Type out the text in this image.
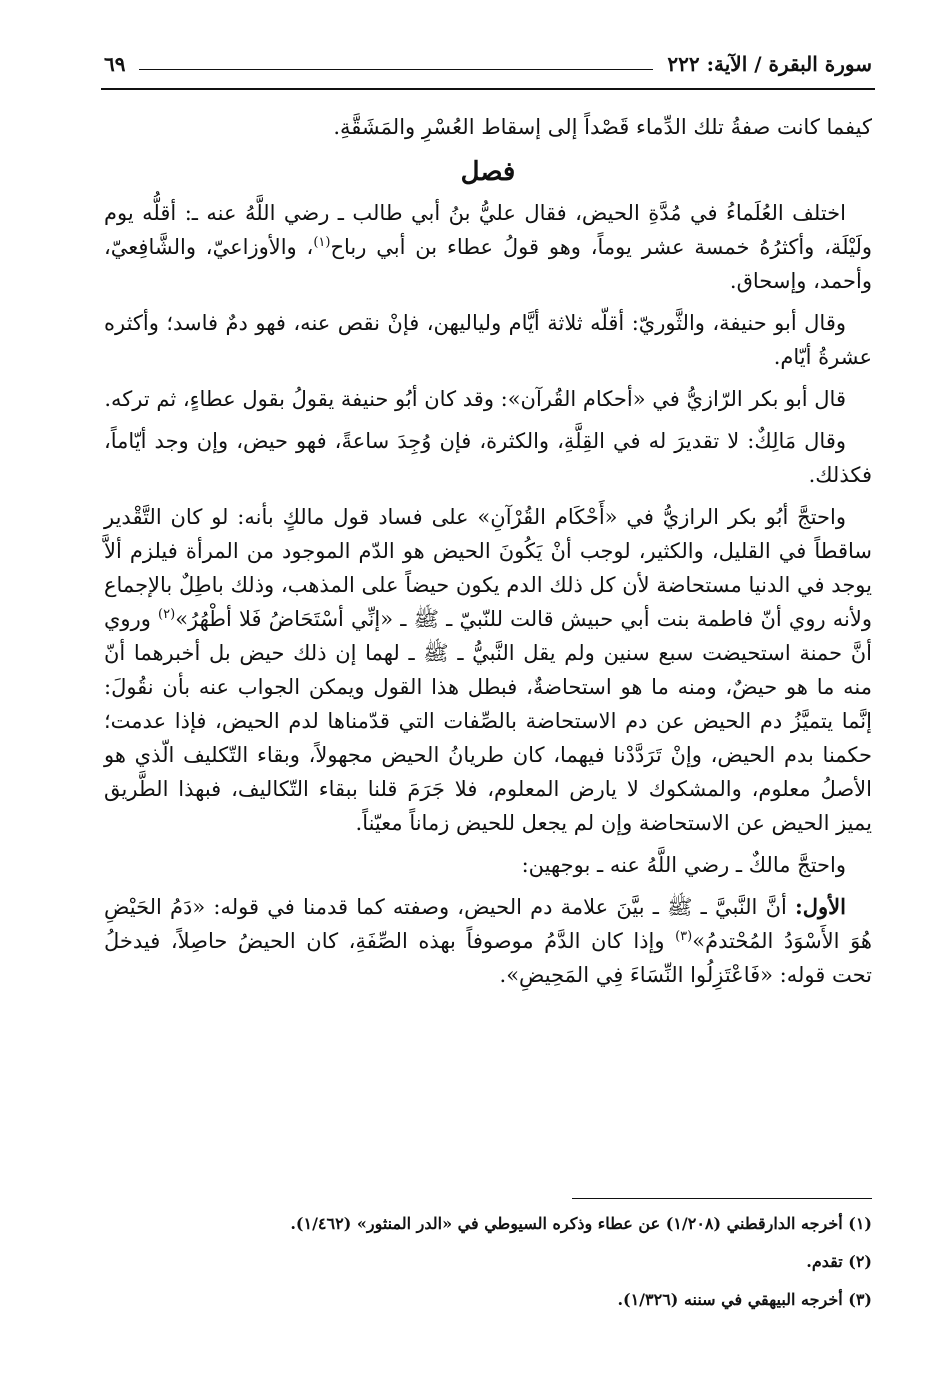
سورة البقرة / الآية: ٢٢٢
٦٩

كيفما كانت صفةُ تلك الدِّماء قَصْداً إلى إسقاط العُسْرِ والمَشَقَّةِ.

فصل

اختلف العُلَماءُ في مُدَّةِ الحيض، فقال عليُّ بنُ أبي طالب ـ رضي اللَّهُ عنه ـ: أقلُّه يوم ولَيْلَة، وأكثرُهُ خمسة عشر يوماً، وهو قولُ عطاء بن أبي رباح$^{(١)}$، والأوزاعيّ، والشَّافِعيّ، وأحمد، وإسحاق.

وقال أبو حنيفة، والثَّوريّ: أقلّه ثلاثة أيَّام ولياليهن، فإنْ نقص عنه، فهو دمٌ فاسد؛ وأكثره عشرةُ أيّام.

قال أبو بكر الرّازيُّ في «أحكام القُرآن»: وقد كان أبُو حنيفة يقولُ بقول عطاءٍ، ثم تركه.

وقال مَالِكٌ: لا تقديرَ له في القِلَّةِ، والكثرة، فإن وُجِدَ ساعةً، فهو حيض، وإن وجد أيّاماً، فكذلك.

واحتجَّ أبُو بكر الرازيُّ في «أَحْكَام القُرْآنِ» على فساد قول مالكٍ بأنه: لو كان التَّقْدير ساقطاً في القليل، والكثير، لوجب أنْ يَكُونَ الحيض هو الدّم الموجود من المرأة فيلزم ألاَّ يوجد في الدنيا مستحاضة لأن كل ذلك الدم يكون حيضاً على المذهب، وذلك باطِلٌ بالإجماع ولأنه روي أنّ فاطمة بنت أبي حبيش قالت للنّبيّ ـ ﷺ ـ «إنِّي أسْتَحَاضُ فَلا أطْهُرُ»$^{(٢)}$ وروي أنَّ حمنة استحيضت سبع سنين ولم يقل النَّبيُّ ـ ﷺ ـ لهما إن ذلك حيض بل أخبرهما أنّ منه ما هو حيضٌ، ومنه ما هو استحاضةٌ، فبطل هذا القول ويمكن الجواب عنه بأن نقُولَ: إنَّما يتميَّزُ دم الحيض عن دم الاستحاضة بالصِّفات التي قدّمناها لدم الحيض، فإذا عدمت؛ حكمنا بدم الحيض، وإنْ تَرَدَّدْنا فيهما، كان طريانُ الحيض مجهولاً، وبقاء التّكليف الّذي هو الأصلُ معلوم، والمشكوك لا يارض المعلوم، فلا جَرَمَ قلنا ببقاء التّكاليف، فبهذا الطَّريق يميز الحيض عن الاستحاضة وإن لم يجعل للحيض زماناً معيّناً.

واحتجَّ مالكٌ ـ رضي اللَّهُ عنه ـ بوجهين:

الأول: أنَّ النَّبيَّ ـ ﷺ ـ بيَّنَ علامة دم الحيض، وصفته كما قدمنا في قوله: «دَمُ الحَيْضِ هُوَ الأَسْوَدُ المُحْتدمُ»$^{(٣)}$ وإذا كان الدَّمُ موصوفاً بهذه الصِّفَةِ، كان الحيضُ حاصِلاً، فيدخلُ تحت قوله: «فَاعْتَزِلُوا النِّسَاءَ فِي المَحِيضِ».

(١) أخرجه الدارقطني (١/٢٠٨) عن عطاء وذكره السيوطي في «الدر المنثور» (١/٤٦٢).
(٢) تقدم.
(٣) أخرجه البيهقي في سننه (١/٣٢٦).
